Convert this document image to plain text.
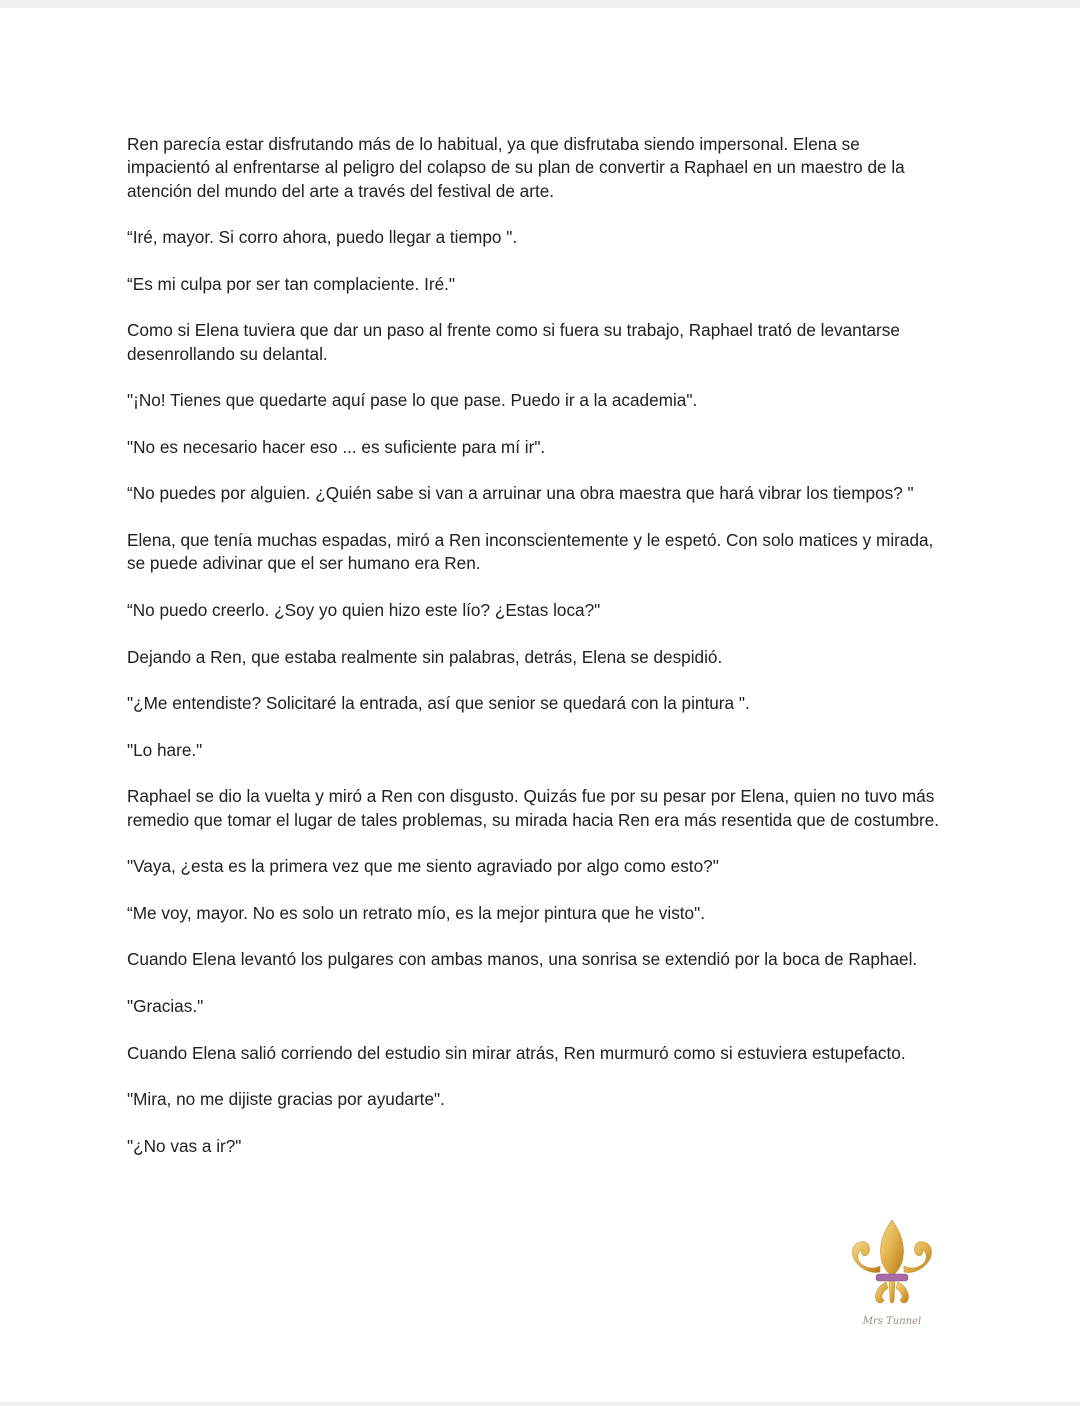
Ren parecía estar disfrutando más de lo habitual, ya que disfrutaba siendo impersonal. Elena se impacientó al enfrentarse al peligro del colapso de su plan de convertir a Raphael en un maestro de la atención del mundo del arte a través del festival de arte.

“Iré, mayor. Si corro ahora, puedo llegar a tiempo ".

“Es mi culpa por ser tan complaciente. Iré."

Como si Elena tuviera que dar un paso al frente como si fuera su trabajo, Raphael trató de levantarse desenrollando su delantal.

"¡No! Tienes que quedarte aquí pase lo que pase. Puedo ir a la academia".

"No es necesario hacer eso ... es suficiente para mí ir".

“No puedes por alguien. ¿Quién sabe si van a arruinar una obra maestra que hará vibrar los tiempos? "

Elena, que tenía muchas espadas, miró a Ren inconscientemente y le espetó. Con solo matices y mirada, se puede adivinar que el ser humano era Ren.

“No puedo creerlo. ¿Soy yo quien hizo este lío? ¿Estas loca?"

Dejando a Ren, que estaba realmente sin palabras, detrás, Elena se despidió.

"¿Me entendiste? Solicitaré la entrada, así que senior se quedará con la pintura ".

"Lo hare."

Raphael se dio la vuelta y miró a Ren con disgusto. Quizás fue por su pesar por Elena, quien no tuvo más remedio que tomar el lugar de tales problemas, su mirada hacia Ren era más resentida que de costumbre.

"Vaya, ¿esta es la primera vez que me siento agraviado por algo como esto?"

“Me voy, mayor. No es solo un retrato mío, es la mejor pintura que he visto".

Cuando Elena levantó los pulgares con ambas manos, una sonrisa se extendió por la boca de Raphael.

"Gracias."

Cuando Elena salió corriendo del estudio sin mirar atrás, Ren murmuró como si estuviera estupefacto.

"Mira, no me dijiste gracias por ayudarte".

"¿No vas a ir?"

Mrs Tunnel
